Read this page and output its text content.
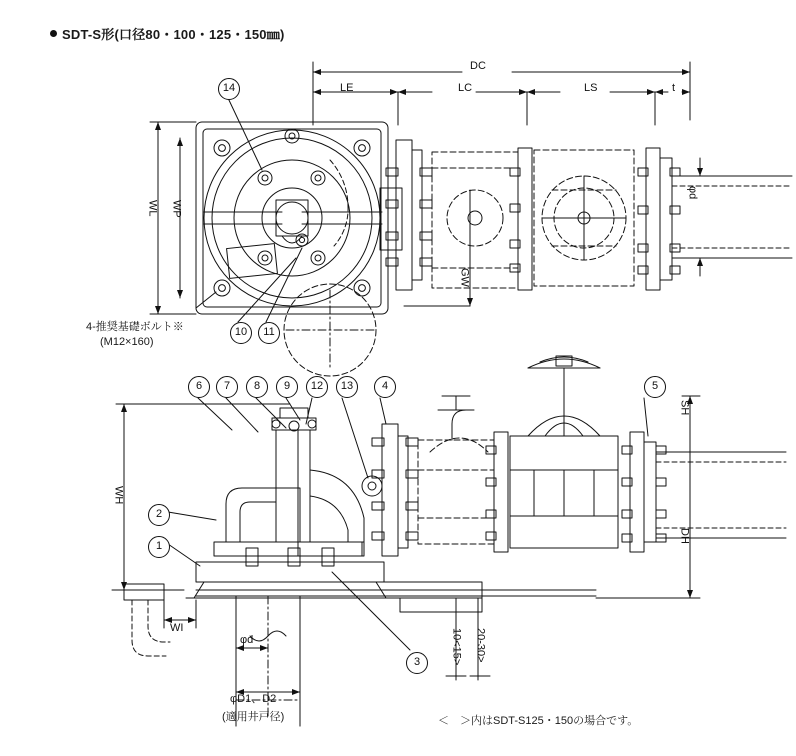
SDT-S形(口径80・100・125・150㎜)
DC
LE	LC	LS	t
φd
WL WP
GW
WH
SH
DH
WI
φd	10<15> 20-30>
4-推奨基礎ボルト※
(M12×160)
φD1、D2
(適用井戸径)	＜　＞内はSDT-S125・150の場合です。
14
10	11
6	7	8	9	12	13	4	5
2
1
3
